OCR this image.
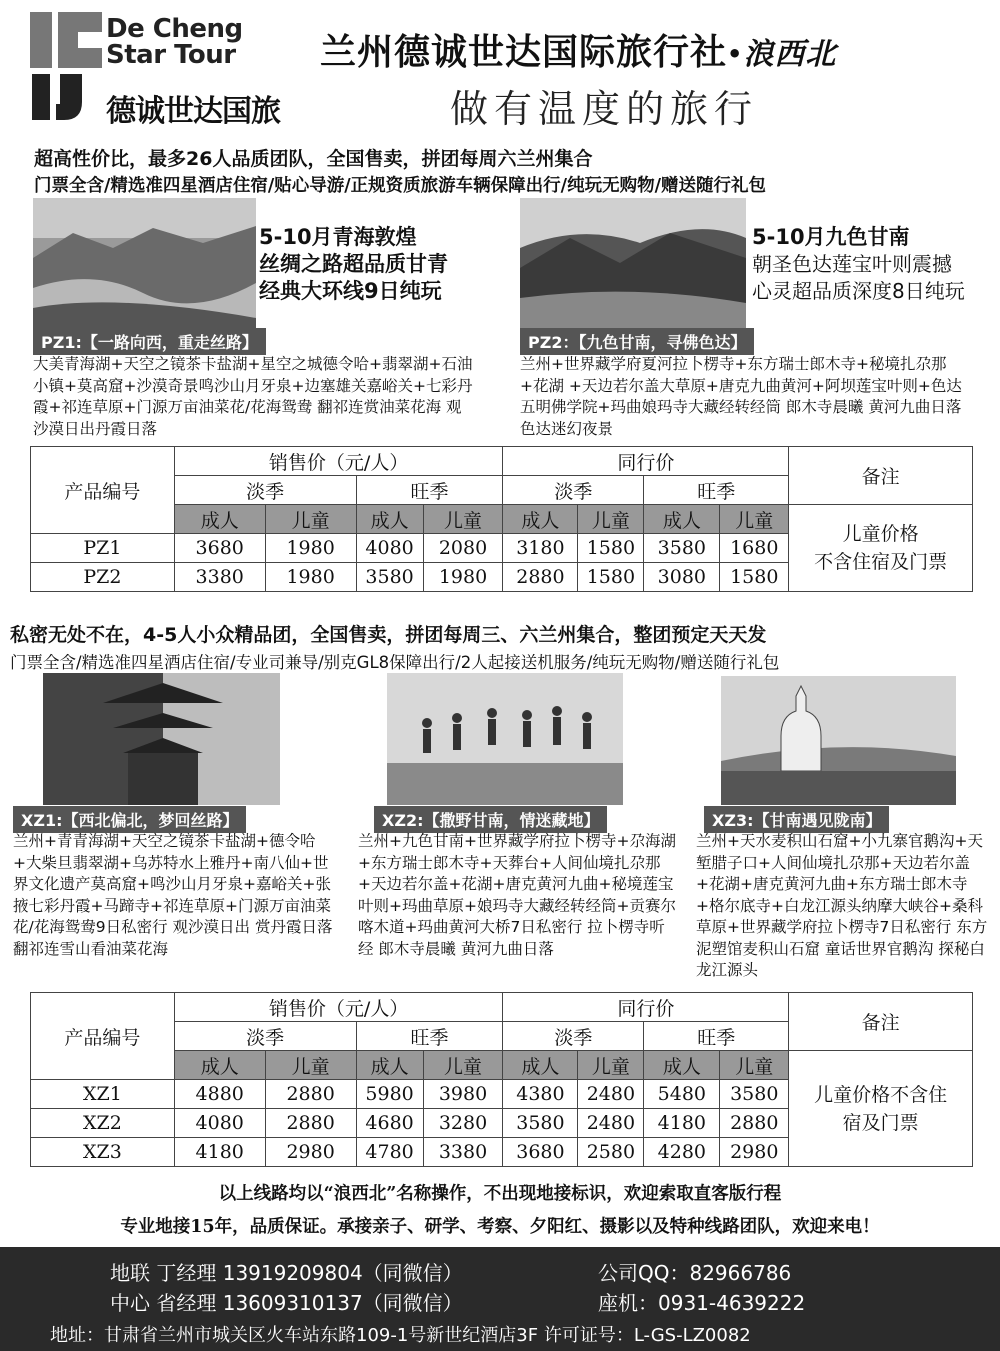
De Cheng
Star Tour
德诚世达国旅
兰州德诚世达国际旅行社•浪西北
做有温度的旅行
超高性价比，最多26人品质团队，全国售卖，拼团每周六兰州集合
门票全含/精选准四星酒店住宿/贴心导游/正规资质旅游车辆保障出行/纯玩无购物/赠送随行礼包
5-10月青海敦煌
丝绸之路超品质甘青
经典大环线9日纯玩
PZ1:【一路向西，重走丝路】
大美青海湖+天空之镜茶卡盐湖+星空之城德令哈+翡翠湖+石油小镇+莫高窟+沙漠奇景鸣沙山月牙泉+边塞雄关嘉峪关+七彩丹霞+祁连草原+门源万亩油菜花/花海鸳鸯 翻祁连赏油菜花海 观沙漠日出丹霞日落
5-10月九色甘南
朝圣色达莲宝叶则震撼
心灵超品质深度8日纯玩
PZ2：【九色甘南，寻佛色达】
兰州+世界藏学府夏河拉卜楞寺+东方瑞士郎木寺+秘境扎尕那+花湖 +天边若尔盖大草原+唐克九曲黄河+阿坝莲宝叶则+色达五明佛学院+玛曲娘玛寺大藏经转经筒 郎木寺晨曦 黄河九曲日落 色达迷幻夜景
产品编号	销售价（元/人）				同行价				备注
	淡季		旺季		淡季		旺季		
	成人	儿童	成人	儿童	成人	儿童	成人	儿童	儿童价格
不含住宿及门票

PZ1	3680	1980	4080	2080	3180	1580	3580	1680	
PZ2	3380	1980	3580	1980	2880	1580	3080	1580	
私密无处不在，4-5人小众精品团，全国售卖，拼团每周三、六兰州集合，整团预定天天发
门票全含/精选准四星酒店住宿/专业司兼导/别克GL8保障出行/2人起接送机服务/纯玩无购物/赠送随行礼包
XZ1:【西北偏北，梦回丝路】
兰州+青青海湖+天空之镜茶卡盐湖+德令哈+大柴旦翡翠湖+乌苏特水上雅丹+南八仙+世界文化遗产莫高窟+鸣沙山月牙泉+嘉峪关+张掖七彩丹霞+马蹄寺+祁连草原+门源万亩油菜花/花海鸳鸯9日私密行 观沙漠日出 赏丹霞日落 翻祁连雪山看油菜花海
XZ2:【撒野甘南，情迷藏地】
兰州+九色甘南+世界藏学府拉卜楞寺+尕海湖+东方瑞士郎木寺+天葬台+人间仙境扎尕那+天边若尔盖+花湖+唐克黄河九曲+秘境莲宝叶则+玛曲草原+娘玛寺大藏经转经筒+贡赛尔喀木道+玛曲黄河大桥7日私密行 拉卜楞寺听经 郎木寺晨曦 黄河九曲日落
XZ3:【甘南遇见陇南】
兰州+天水麦积山石窟+小九寨官鹅沟+天堑腊子口+人间仙境扎尕那+天边若尔盖+花湖+唐克黄河九曲+东方瑞士郎木寺+格尔底寺+白龙江源头纳摩大峡谷+桑科草原+世界藏学府拉卜楞寺7日私密行 东方泥塑馆麦积山石窟 童话世界官鹅沟 探秘白龙江源头
产品编号	销售价（元/人）				同行价				备注
	淡季		旺季		淡季		旺季		
	成人	儿童	成人	儿童	成人	儿童	成人	儿童	儿童价格不含住
宿及门票

XZ1	4880	2880	5980	3980	4380	2480	5480	3580	
XZ2	4080	2880	4680	3280	3580	2480	4180	2880	
XZ3	4180	2980	4780	3380	3680	2580	4280	2980	
以上线路均以“浪西北”名称操作，不出现地接标识，欢迎索取直客版行程
专业地接15年，品质保证。承接亲子、研学、考察、夕阳红、摄影以及特种线路团队，欢迎来电！
地联 丁经理 13919209804（同微信）	公司QQ：82966786
中心 省经理 13609310137（同微信）	座机：0931-4639222
地址：甘肃省兰州市城关区火车站东路109-1号新世纪酒店3F 许可证号：L-GS-LZ0082
